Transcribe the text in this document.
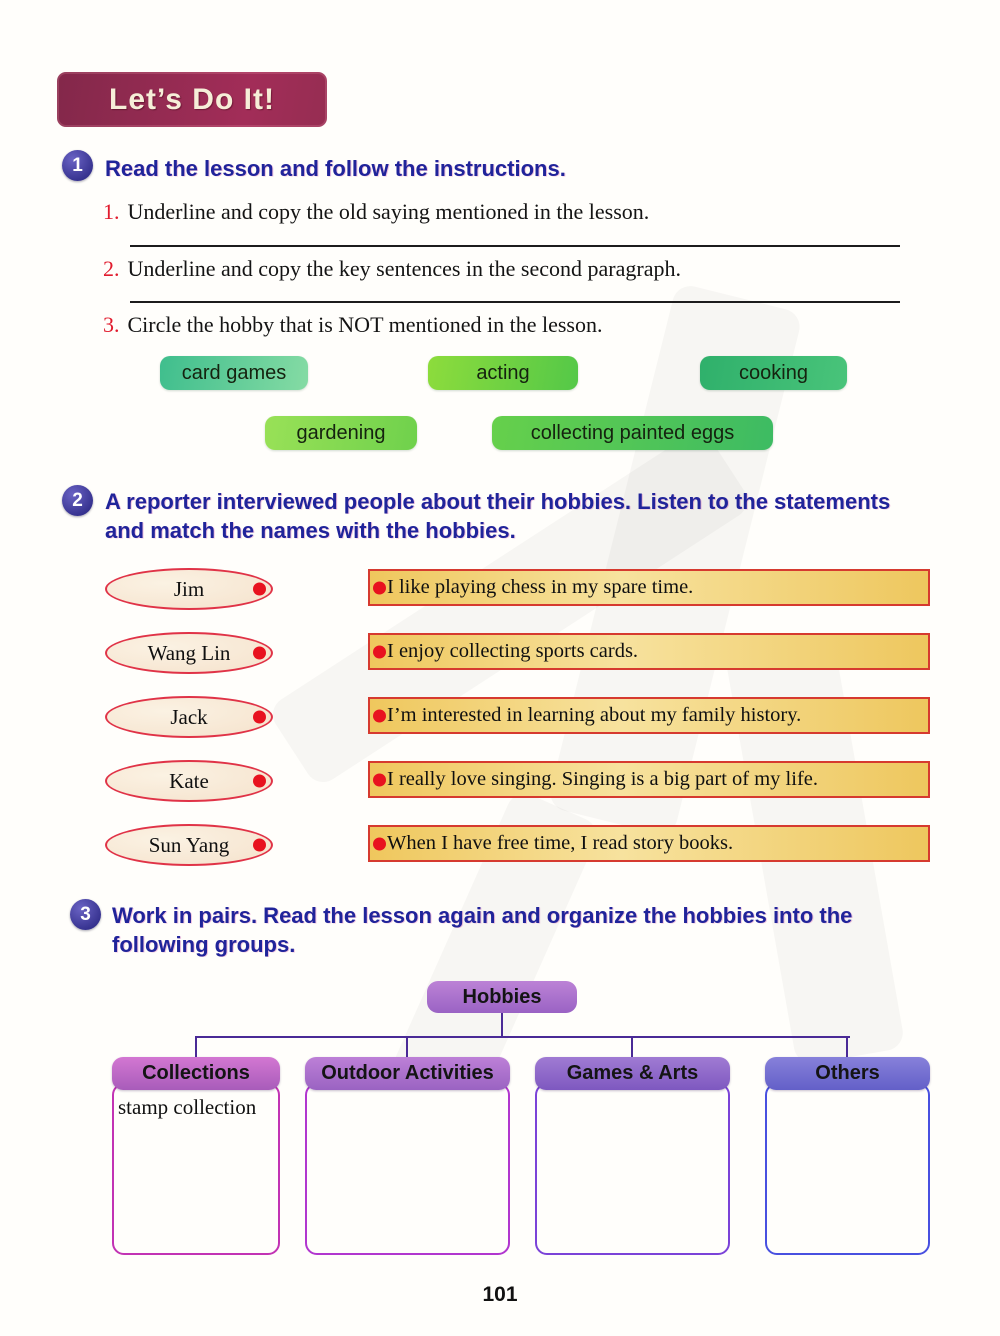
Let’s Do It!
1 Read the lesson and follow the instructions.
1. Underline and copy the old saying mentioned in the lesson.
2. Underline and copy the key sentences in the second paragraph.
3. Circle the hobby that is NOT mentioned in the lesson.
card games	acting	cooking
gardening	collecting painted eggs
2 A reporter interviewed people about their hobbies. Listen to the statements and match the names with the hobbies.
Jim	I like playing chess in my spare time.
Wang Lin	I enjoy collecting sports cards.
Jack	I’m interested in learning about my family history.
Kate	I really love singing. Singing is a big part of my life.
Sun Yang	When I have free time, I read story books.
3 Work in pairs. Read the lesson again and organize the hobbies into the following groups.
Hobbies
Collections
stamp collection
Outdoor Activities	Games & Arts	Others
101
